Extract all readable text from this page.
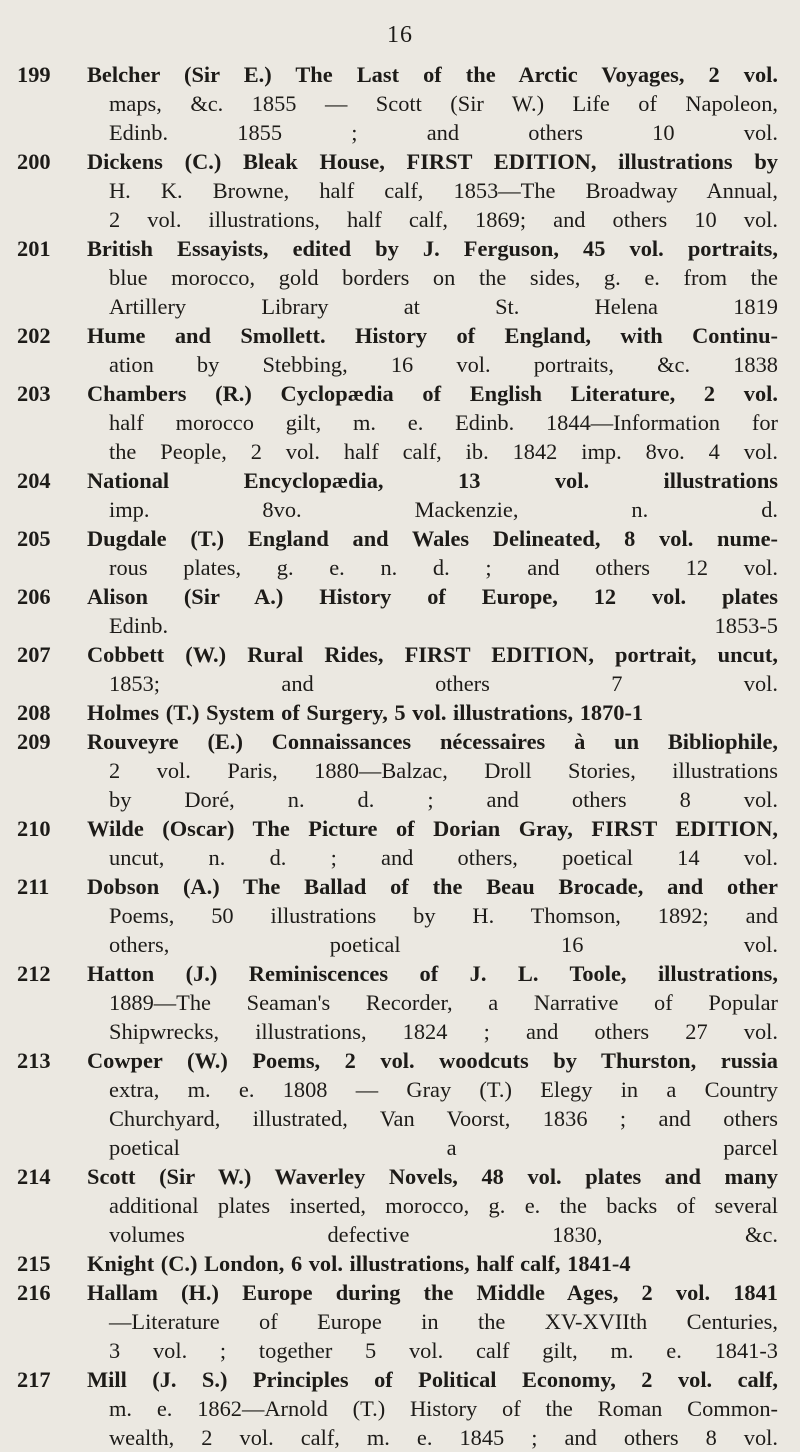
16
199	Belcher (Sir E.) The Last of the Arctic Voyages, 2 vol.
maps, &c. 1855 — Scott (Sir W.) Life of Napoleon,
Edinb. 1855 ; and others 10 vol.
200	Dickens (C.) Bleak House, FIRST EDITION, illustrations by
H. K. Browne, half calf, 1853—The Broadway Annual,
2 vol. illustrations, half calf, 1869; and others 10 vol.
201	British Essayists, edited by J. Ferguson, 45 vol. portraits,
blue morocco, gold borders on the sides, g. e. from the
Artillery Library at St. Helena 1819
202	Hume and Smollett. History of England, with Continu-
ation by Stebbing, 16 vol. portraits, &c. 1838
203	Chambers (R.) Cyclopædia of English Literature, 2 vol.
half morocco gilt, m. e. Edinb. 1844—Information for
the People, 2 vol. half calf, ib. 1842 imp. 8vo. 4 vol.
204	National Encyclopædia, 13 vol. illustrations
imp. 8vo. Mackenzie, n. d.
205	Dugdale (T.) England and Wales Delineated, 8 vol. nume-
rous plates, g. e. n. d. ; and others 12 vol.
206	Alison (Sir A.) History of Europe, 12 vol. plates
Edinb. 1853-5
207	Cobbett (W.) Rural Rides, FIRST EDITION, portrait, uncut,
1853; and others 7 vol.
208	Holmes (T.) System of Surgery, 5 vol. illustrations, 1870-1
209	Rouveyre (E.) Connaissances nécessaires à un Bibliophile,
2 vol. Paris, 1880—Balzac, Droll Stories, illustrations
by Doré, n. d. ; and others 8 vol.
210	Wilde (Oscar) The Picture of Dorian Gray, FIRST EDITION,
uncut, n. d. ; and others, poetical 14 vol.
211	Dobson (A.) The Ballad of the Beau Brocade, and other
Poems, 50 illustrations by H. Thomson, 1892; and
others, poetical 16 vol.
212	Hatton (J.) Reminiscences of J. L. Toole, illustrations,
1889—The Seaman's Recorder, a Narrative of Popular
Shipwrecks, illustrations, 1824 ; and others 27 vol.
213	Cowper (W.) Poems, 2 vol. woodcuts by Thurston, russia
extra, m. e. 1808 — Gray (T.) Elegy in a Country
Churchyard, illustrated, Van Voorst, 1836 ; and others
poetical a parcel
214	Scott (Sir W.) Waverley Novels, 48 vol. plates and many
additional plates inserted, morocco, g. e. the backs of several
volumes defective 1830, &c.
215	Knight (C.) London, 6 vol. illustrations, half calf, 1841-4
216	Hallam (H.) Europe during the Middle Ages, 2 vol. 1841
—Literature of Europe in the XV-XVIIth Centuries,
3 vol. ; together 5 vol. calf gilt, m. e. 1841-3
217	Mill (J. S.) Principles of Political Economy, 2 vol. calf,
m. e. 1862—Arnold (T.) History of the Roman Common-
wealth, 2 vol. calf, m. e. 1845 ; and others 8 vol.
